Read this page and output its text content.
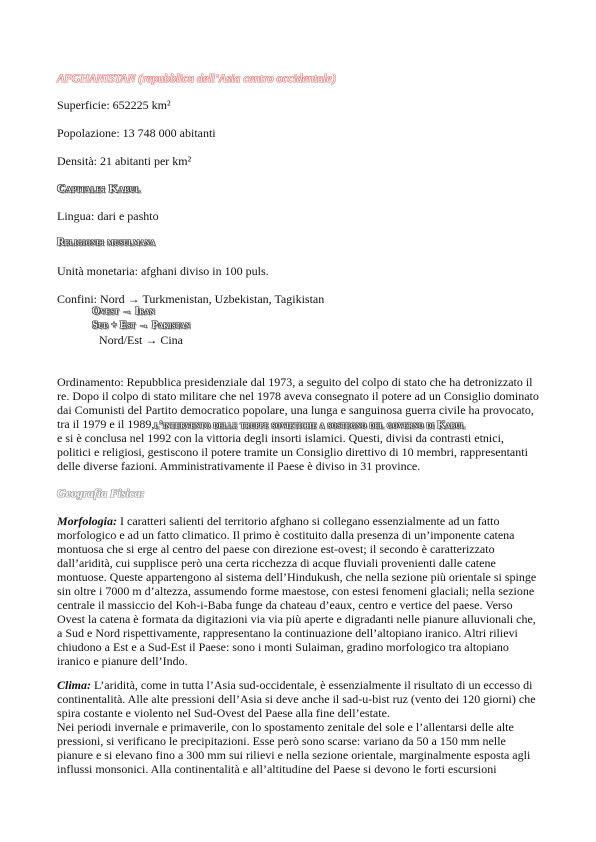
AFGHANISTAN (repubblica dell’Asia centro occidentale)
Superficie: 652225 km²
Popolazione: 13 748 000 abitanti
Densità: 21 abitanti per km²
Capitale: Kabul
Lingua: dari e pashto
Religione: musulmana
Unità monetaria: afghani diviso in 100 puls.
Confini: Nord → Turkmenistan, Uzbekistan, Tagikistan
Ovest → Iran
Sud + Est → Pakistan
Nord/Est → Cina
Ordinamento: Repubblica presidenziale dal 1973, a seguito del colpo di stato che ha detronizzato il
re. Dopo il colpo di stato militare che nel 1978 aveva consegnato il potere ad un Consiglio dominato
dai Comunisti del Partito democratico popolare, una lunga e sanguinosa guerra civile ha provocato,
tra il 1979 e il 1989,l’intervento delle truppe sovietiche a sostegno del governo di Kabul
e si è conclusa nel 1992 con la vittoria degli insorti islamici. Questi, divisi da contrasti etnici,
politici e religiosi, gestiscono il potere tramite un Consiglio direttivo di 10 membri, rappresentanti
delle diverse fazioni. Amministrativamente il Paese è diviso in 31 province.
Geografia Fisica:
Morfologia: I caratteri salienti del territorio afghano si collegano essenzialmente ad un fatto
morfologico e ad un fatto climatico. Il primo è costituito dalla presenza di un’imponente catena
montuosa che si erge al centro del paese con direzione est-ovest; il secondo è caratterizzato
dall’aridità, cui supplisce però una certa ricchezza di acque fluviali provenienti dalle catene
montuose. Queste appartengono al sistema dell’Hindukush, che nella sezione più orientale si spinge
sin oltre i 7000 m d’altezza, assumendo forme maestose, con estesi fenomeni glaciali; nella sezione
centrale il massiccio del Koh-i-Baba funge da chateau d’eaux, centro e vertice del paese. Verso
Ovest la catena è formata da digitazioni via via più aperte e digradanti nelle pianure alluvionali che,
a Sud e Nord rispettivamente, rappresentano la continuazione dell’altopiano iranico. Altri rilievi
chiudono a Est e a Sud-Est il Paese: sono i monti Sulaiman, gradino morfologico tra altopiano
iranico e pianure dell’Indo.
Clima: L’aridità, come in tutta l’Asia sud-occidentale, è essenzialmente il risultato di un eccesso di
continentalità. Alle alte pressioni dell’Asia si deve anche il sad-u-bist ruz (vento dei 120 giorni) che
spira costante e violento nel Sud-Ovest del Paese alla fine dell’estate.
Nei periodi invernale e primaverile, con lo spostamento zenitale del sole e l’allentarsi delle alte
pressioni, si verificano le precipitazioni. Esse però sono scarse: variano da 50 a 150 mm nelle
pianure e si elevano fino a 300 mm sui rilievi e nella sezione orientale, marginalmente esposta agli
influssi monsonici. Alla continentalità e all’altitudine del Paese si devono le forti escursioni
